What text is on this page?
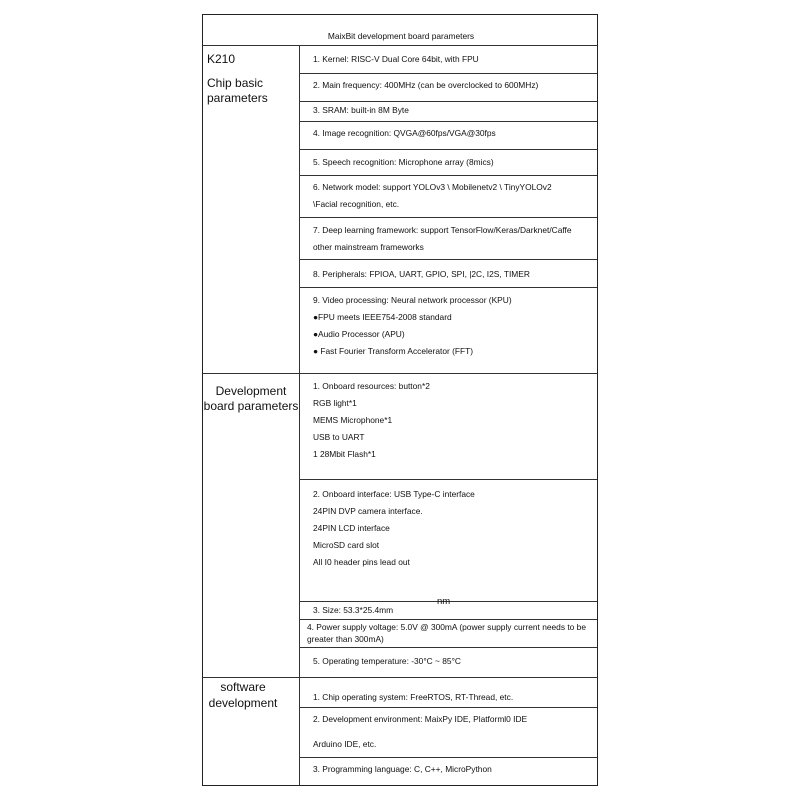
MaixBit development board parameters
K210
Chip basic
parameters
Development
board parameters
software
development
1. Kernel: RISC-V Dual Core 64bit, with FPU
2. Main frequency: 400MHz (can be overclocked to 600MHz)
3. SRAM: built-in 8M Byte
4. Image recognition: QVGA@60fps/VGA@30fps
5. Speech recognition: Microphone array (8mics)
6. Network model: support YOLOv3 \ Mobilenetv2 \ TinyYOLOv2
\Facial recognition, etc.
7. Deep learning framework: support TensorFlow/Keras/Darknet/Caffe
other mainstream frameworks
8. Peripherals: FPIOA, UART, GPIO, SPI, |2C, I2S, TIMER
9. Video processing: Neural network processor (KPU)
●FPU meets IEEE754-2008 standard
●Audio Processor (APU)
● Fast Fourier Transform Accelerator (FFT)
1. Onboard resources: button*2
RGB light*1
MEMS Microphone*1
USB to UART
1 28Mbit Flash*1
2. Onboard interface: USB Type-C interface
24PIN DVP camera interface.
24PIN LCD interface
MicroSD card slot
All I0 header pins lead out
3. Size: 53.3*25.4mm
nm
4. Power supply voltage: 5.0V @ 300mA (power supply current needs to be greater than 300mA)
5. Operating temperature: -30°C ~ 85°C
1. Chip operating system: FreeRTOS, RT-Thread, etc.
2. Development environment: MaixPy IDE, Platforml0 IDE
Arduino IDE, etc.
3. Programming language: C, C++, MicroPython
